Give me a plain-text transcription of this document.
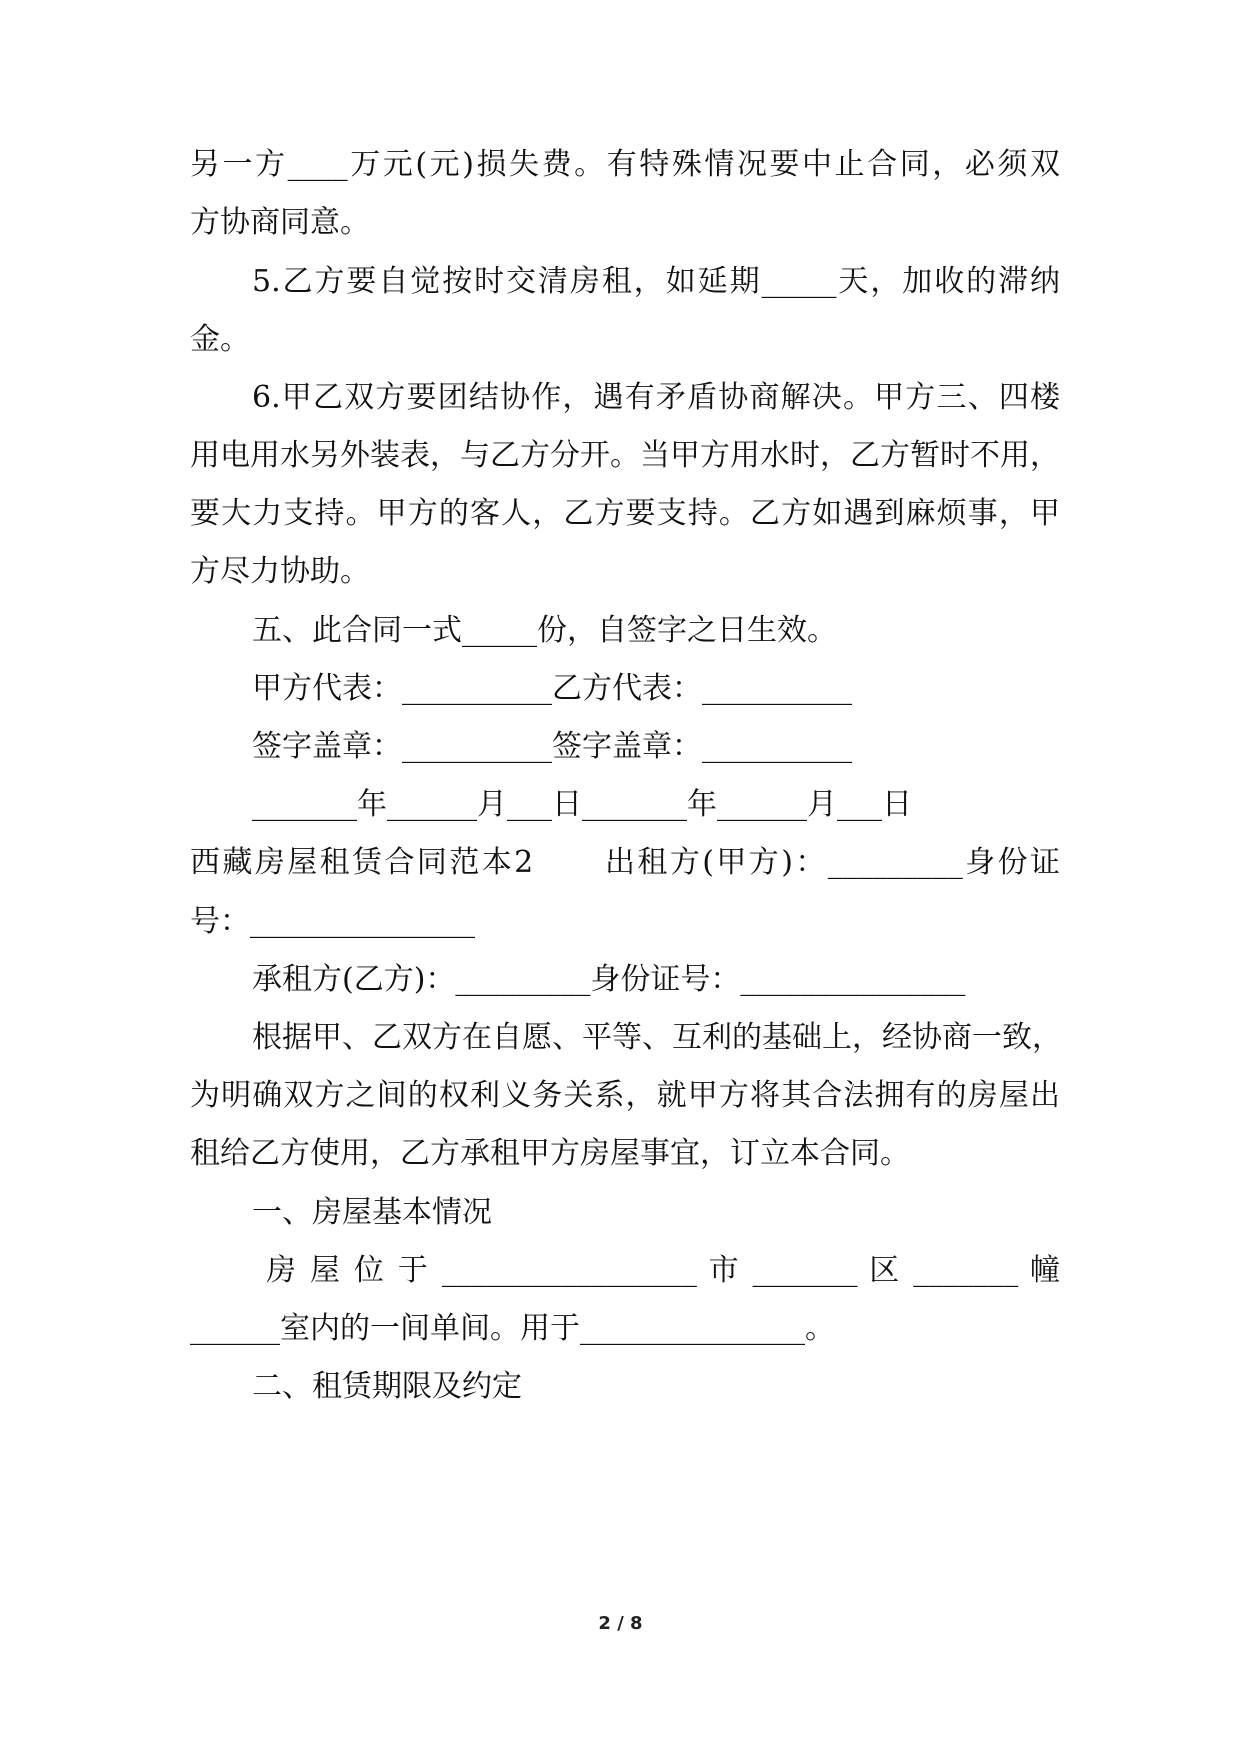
另一方____万元(元)损失费。有特殊情况要中止合同，必须双
方协商同意。
5.乙方要自觉按时交清房租，如延期_____天，加收的滞纳
金。
6.甲乙双方要团结协作，遇有矛盾协商解决。甲方三、四楼
用电用水另外装表，与乙方分开。当甲方用水时，乙方暂时不用，
要大力支持。甲方的客人，乙方要支持。乙方如遇到麻烦事，甲
方尽力协助。
五、此合同一式_____份，自签字之日生效。
甲方代表：__________乙方代表：__________
签字盖章：__________签字盖章：__________
_______年______月___日_______年______月___日
西藏房屋租赁合同范本2      出租方(甲方)：_________身份证
号：_______________
承租方(乙方)：_________身份证号：_______________
根据甲、乙双方在自愿、平等、互利的基础上，经协商一致，
为明确双方之间的权利义务关系，就甲方将其合法拥有的房屋出
租给乙方使用，乙方承租甲方房屋事宜，订立本合同。
一、房屋基本情况
房 屋 位 于 _________________ 市 _______ 区 _______ 幢
______室内的一间单间。用于_______________。
二、租赁期限及约定
2 / 8
